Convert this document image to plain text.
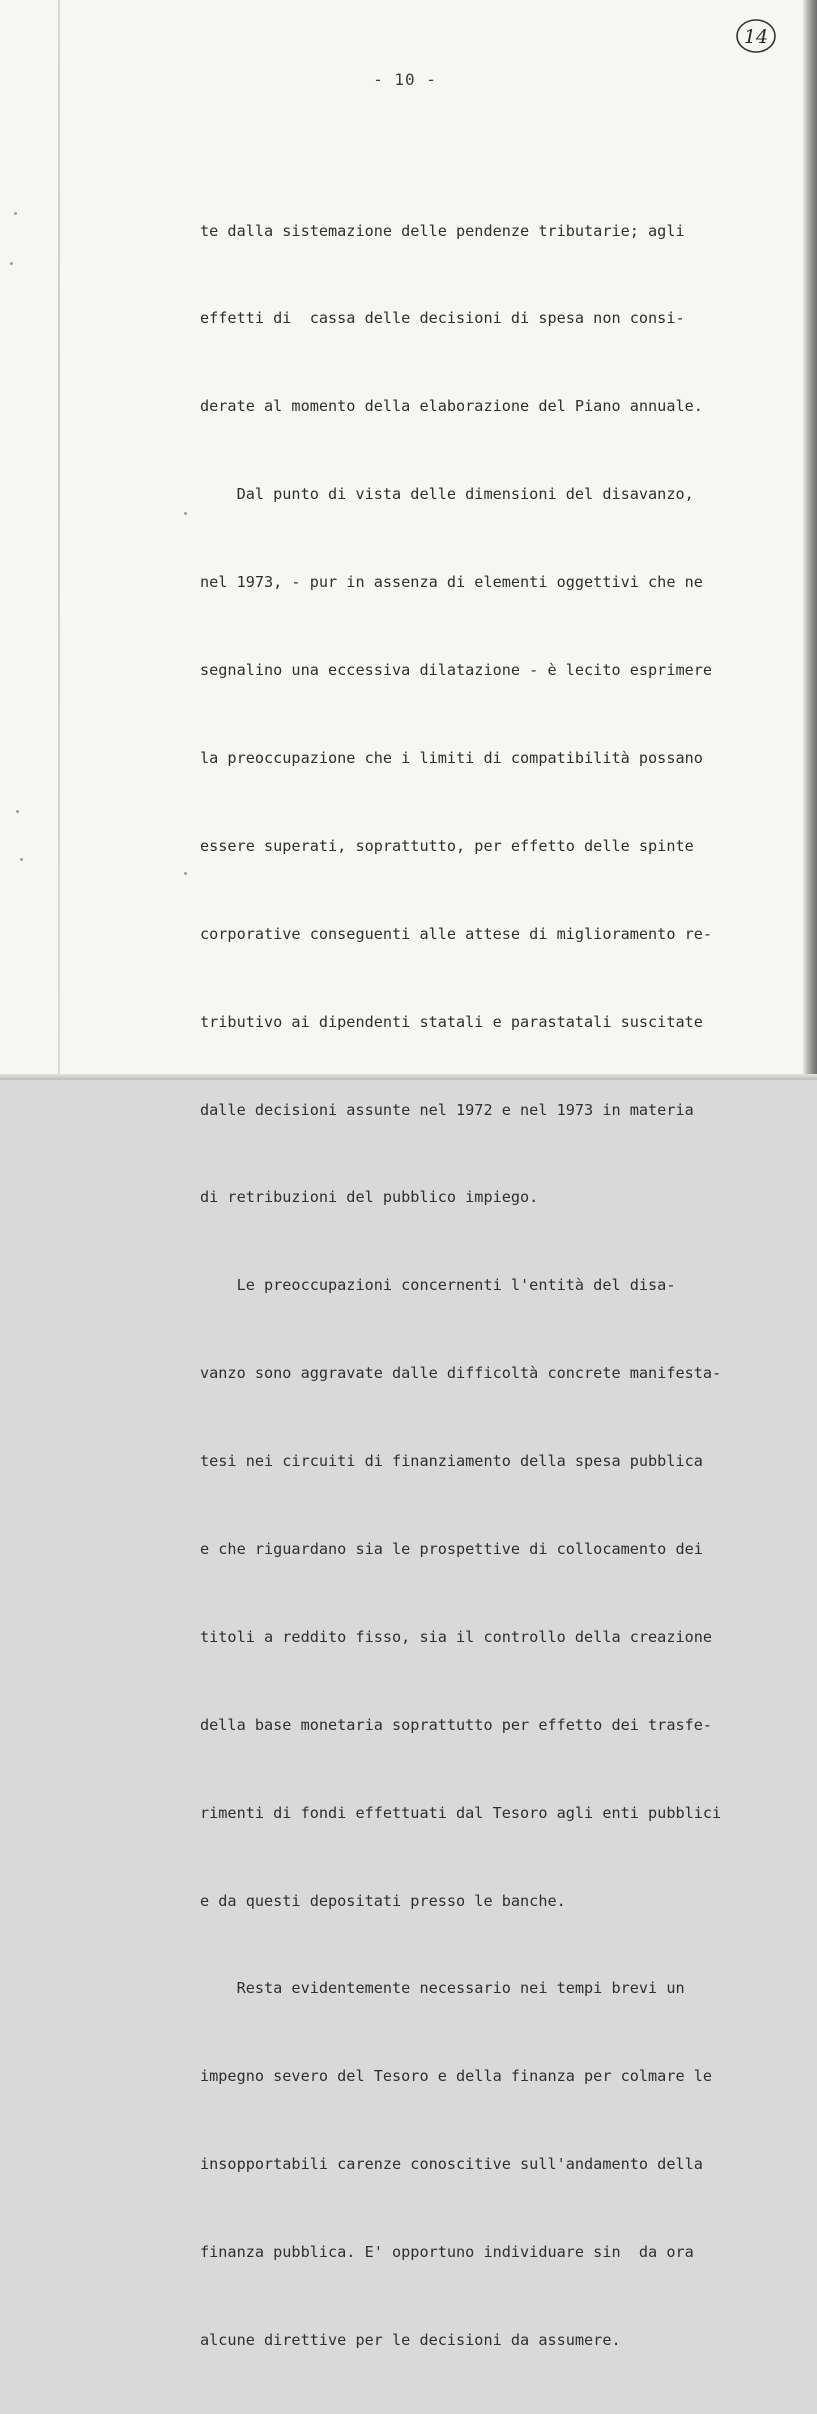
14
- 10 -

te dalla sistemazione delle pendenze tributarie; agli

effetti di  cassa delle decisioni di spesa non consi-

derate al momento della elaborazione del Piano annuale.

Dal punto di vista delle dimensioni del disavanzo,

nel 1973, - pur in assenza di elementi oggettivi che ne

segnalino una eccessiva dilatazione - è lecito esprimere

la preoccupazione che i limiti di compatibilità possano

essere superati, soprattutto, per effetto delle spinte

corporative conseguenti alle attese di miglioramento re-

tributivo ai dipendenti statali e parastatali suscitate

dalle decisioni assunte nel 1972 e nel 1973 in materia

di retribuzioni del pubblico impiego.

Le preoccupazioni concernenti l'entità del disa-

vanzo sono aggravate dalle difficoltà concrete manifesta-

tesi nei circuiti di finanziamento della spesa pubblica

e che riguardano sia le prospettive di collocamento dei

titoli a reddito fisso, sia il controllo della creazione

della base monetaria soprattutto per effetto dei trasfe-

rimenti di fondi effettuati dal Tesoro agli enti pubblici

e da questi depositati presso le banche.

Resta evidentemente necessario nei tempi brevi un

impegno severo del Tesoro e della finanza per colmare le

insopportabili carenze conoscitive sull'andamento della

finanza pubblica. E' opportuno individuare sin  da ora

alcune direttive per le decisioni da assumere.
